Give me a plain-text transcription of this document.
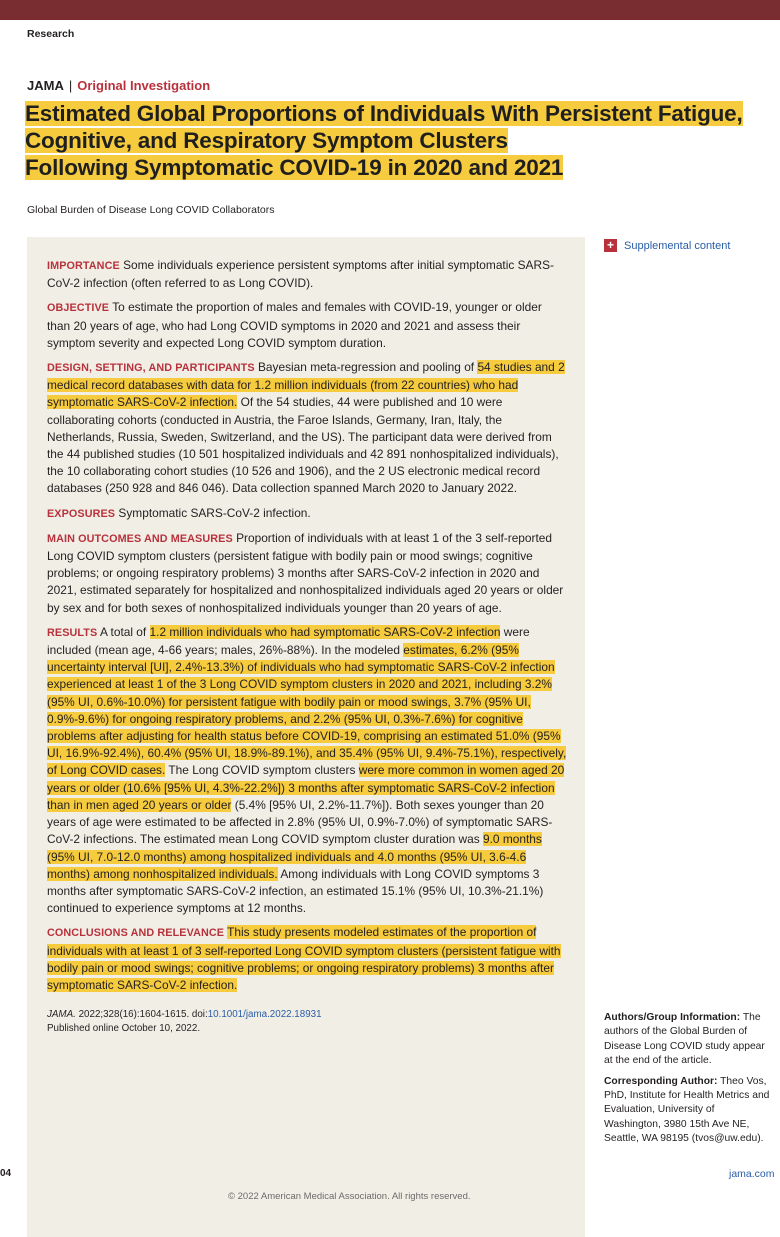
Research
JAMA | Original Investigation
Estimated Global Proportions of Individuals With Persistent Fatigue,
Cognitive, and Respiratory Symptom Clusters
Following Symptomatic COVID-19 in 2020 and 2021
Global Burden of Disease Long COVID Collaborators
+ Supplemental content

IMPORTANCE Some individuals experience persistent symptoms after initial symptomatic SARS-CoV-2 infection (often referred to as Long COVID).

OBJECTIVE To estimate the proportion of males and females with COVID-19, younger or older than 20 years of age, who had Long COVID symptoms in 2020 and 2021 and assess their symptom severity and expected Long COVID symptom duration.

DESIGN, SETTING, AND PARTICIPANTS Bayesian meta-regression and pooling of 54 studies and 2 medical record databases with data for 1.2 million individuals (from 22 countries) who had symptomatic SARS-CoV-2 infection. Of the 54 studies, 44 were published and 10 were collaborating cohorts (conducted in Austria, the Faroe Islands, Germany, Iran, Italy, the Netherlands, Russia, Sweden, Switzerland, and the US). The participant data were derived from the 44 published studies (10 501 hospitalized individuals and 42 891 nonhospitalized individuals), the 10 collaborating cohort studies (10 526 and 1906), and the 2 US electronic medical record databases (250 928 and 846 046). Data collection spanned March 2020 to January 2022.

EXPOSURES Symptomatic SARS-CoV-2 infection.

MAIN OUTCOMES AND MEASURES Proportion of individuals with at least 1 of the 3 self-reported Long COVID symptom clusters (persistent fatigue with bodily pain or mood swings; cognitive problems; or ongoing respiratory problems) 3 months after SARS-CoV-2 infection in 2020 and 2021, estimated separately for hospitalized and nonhospitalized individuals aged 20 years or older by sex and for both sexes of nonhospitalized individuals younger than 20 years of age.

RESULTS A total of 1.2 million individuals who had symptomatic SARS-CoV-2 infection were included (mean age, 4-66 years; males, 26%-88%). In the modeled estimates, 6.2% (95% uncertainty interval [UI], 2.4%-13.3%) of individuals who had symptomatic SARS-CoV-2 infection experienced at least 1 of the 3 Long COVID symptom clusters in 2020 and 2021, including 3.2% (95% UI, 0.6%-10.0%) for persistent fatigue with bodily pain or mood swings, 3.7% (95% UI, 0.9%-9.6%) for ongoing respiratory problems, and 2.2% (95% UI, 0.3%-7.6%) for cognitive problems after adjusting for health status before COVID-19, comprising an estimated 51.0% (95% UI, 16.9%-92.4%), 60.4% (95% UI, 18.9%-89.1%), and 35.4% (95% UI, 9.4%-75.1%), respectively, of Long COVID cases. The Long COVID symptom clusters were more common in women aged 20 years or older (10.6% [95% UI, 4.3%-22.2%]) 3 months after symptomatic SARS-CoV-2 infection than in men aged 20 years or older (5.4% [95% UI, 2.2%-11.7%]). Both sexes younger than 20 years of age were estimated to be affected in 2.8% (95% UI, 0.9%-7.0%) of symptomatic SARS-CoV-2 infections. The estimated mean Long COVID symptom cluster duration was 9.0 months (95% UI, 7.0-12.0 months) among hospitalized individuals and 4.0 months (95% UI, 3.6-4.6 months) among nonhospitalized individuals. Among individuals with Long COVID symptoms 3 months after symptomatic SARS-CoV-2 infection, an estimated 15.1% (95% UI, 10.3%-21.1%) continued to experience symptoms at 12 months.

CONCLUSIONS AND RELEVANCE This study presents modeled estimates of the proportion of individuals with at least 1 of 3 self-reported Long COVID symptom clusters (persistent fatigue with bodily pain or mood swings; cognitive problems; or ongoing respiratory problems) 3 months after symptomatic SARS-CoV-2 infection.

JAMA. 2022;328(16):1604-1615. doi:10.1001/jama.2022.18931
Published online October 10, 2022.

Authors/Group Information: The authors of the Global Burden of Disease Long COVID study appear at the end of the article.

Corresponding Author: Theo Vos, PhD, Institute for Health Metrics and Evaluation, University of Washington, 3980 15th Ave NE, Seattle, WA 98195 (tvos@uw.edu).

04	jama.com
© 2022 American Medical Association. All rights reserved.
